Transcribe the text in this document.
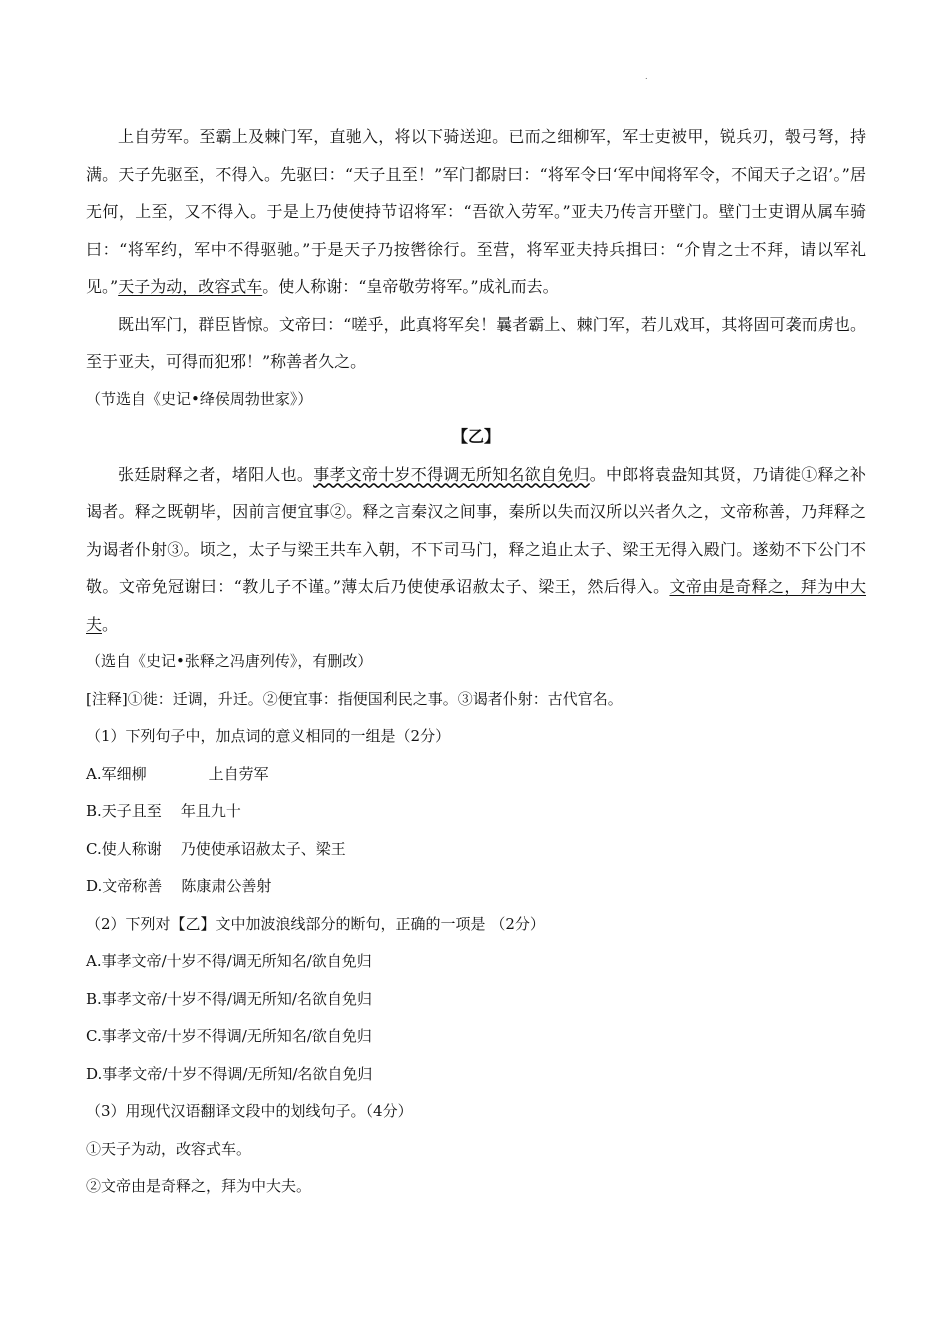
.

上自劳军。至霸上及棘门军，直驰入，将以下骑送迎。已而之细柳军，军士吏被甲，锐兵刃，彀弓弩，持满。天子先驱至，不得入。先驱曰：“天子且至！”军门都尉曰：“将军令曰‘军中闻将军令，不闻天子之诏’。”居无何，上至，又不得入。于是上乃使使持节诏将军：“吾欲入劳军。”亚夫乃传言开壁门。壁门士吏谓从属车骑曰：“将军约，军中不得驱驰。”于是天子乃按辔徐行。至营，将军亚夫持兵揖曰：“介胄之士不拜，请以军礼见。”天子为动，改容式车。使人称谢：“皇帝敬劳将军。”成礼而去。

既出军门，群臣皆惊。文帝曰：“嗟乎，此真将军矣！曩者霸上、棘门军，若儿戏耳，其将固可袭而虏也。至于亚夫，可得而犯邪！”称善者久之。

（节选自《史记•绛侯周勃世家》）

【乙】

张廷尉释之者，堵阳人也。事孝文帝十岁不得调无所知名欲自免归。中郎将袁盎知其贤，乃请徙①释之补谒者。释之既朝毕，因前言便宜事②。释之言秦汉之间事，秦所以失而汉所以兴者久之，文帝称善，乃拜释之为谒者仆射③。顷之，太子与梁王共车入朝，不下司马门，释之追止太子、梁王无得入殿门。遂劾不下公门不敬。文帝免冠谢曰：“教儿子不谨。”薄太后乃使使承诏赦太子、梁王，然后得入。文帝由是奇释之，拜为中大夫。

（选自《史记•张释之冯唐列传》，有删改）

[注释]①徙：迁调，升迁。②便宜事：指便国利民之事。③谒者仆射：古代官名。

（1）下列句子中，加点词的意义相同的一组是（2分）

A.军细柳             上自劳军

B.天子且至    年且九十

C.使人称谢    乃使使承诏赦太子、梁王

D.文帝称善    陈康肃公善射

（2）下列对【乙】文中加波浪线部分的断句，正确的一项是 （2分）

A.事孝文帝/十岁不得/调无所知名/欲自免归

B.事孝文帝/十岁不得/调无所知/名欲自免归

C.事孝文帝/十岁不得调/无所知名/欲自免归

D.事孝文帝/十岁不得调/无所知/名欲自免归

（3）用现代汉语翻译文段中的划线句子。（4分）

①天子为动，改容式车。

②文帝由是奇释之，拜为中大夫。
